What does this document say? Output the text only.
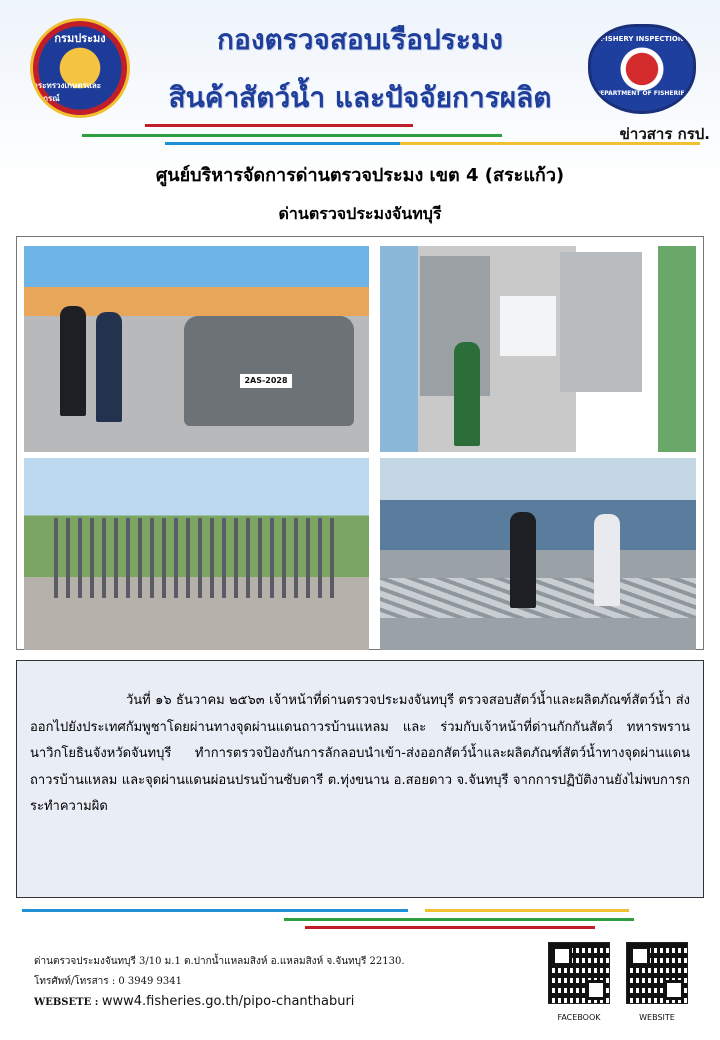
กรมประมง
กระทรวงเกษตรและสหกรณ์
FISHERY INSPECTION
DEPARTMENT OF FISHERIES
กองตรวจสอบเรือประมง
สินค้าสัตว์น้ำ และปัจจัยการผลิต
ข่าวสาร กรป.
ศูนย์บริหารจัดการด่านตรวจประมง เขต 4 (สระแก้ว)
ด่านตรวจประมงจันทบุรี
2AS-2028

วันที่ ๑๖ ธันวาคม ๒๕๖๓ เจ้าหน้าที่ด่านตรวจประมงจันทบุรี ตรวจสอบสัตว์น้ำและผลิตภัณฑ์สัตว์น้ำ ส่งออกไปยังประเทศกัมพูชาโดยผ่านทางจุดผ่านแดนถาวรบ้านแหลม และ ร่วมกับเจ้าหน้าที่ด่านกักกันสัตว์ ทหารพรานนาวิกโยธินจังหวัดจันทบุรี ทำการตรวจป้องกันการลักลอบนำเข้า-ส่งออกสัตว์น้ำและผลิตภัณฑ์สัตว์น้ำทางจุดผ่านแดนถาวรบ้านแหลม และจุดผ่านแดนผ่อนปรนบ้านซับตารี ต.ทุ่งขนาน อ.สอยดาว จ.จันทบุรี จากการปฏิบัติงานยังไม่พบการกระทำความผิด

ด่านตรวจประมงจันทบุรี 3/10 ม.1 ต.ปากน้ำแหลมสิงห์ อ.แหลมสิงห์ จ.จันทบุรี 22130.
โทรศัพท์/โทรสาร : 0 3949 9341
WEBSETE : www4.fisheries.go.th/pipo-chanthaburi
FACEBOOK	WEBSITE
